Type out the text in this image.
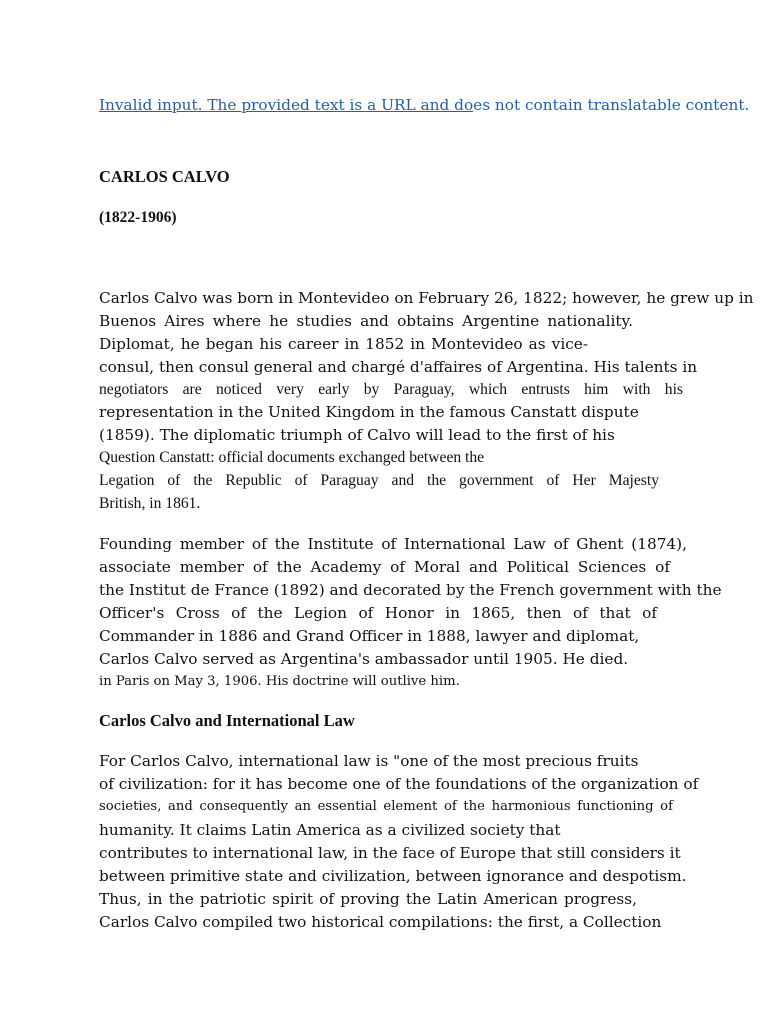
Invalid input. The provided text is a URL and does not contain translatable content.
CARLOS CALVO
(1822-1906)
Carlos Calvo was born in Montevideo on February 26, 1822; however, he grew up in
Buenos Aires where he studies and obtains Argentine nationality.
Diplomat, he began his career in 1852 in Montevideo as vice-
consul, then consul general and chargé d'affaires of Argentina. His talents in
negotiators are noticed very early by Paraguay, which entrusts him with his
representation in the United Kingdom in the famous Canstatt dispute
(1859). The diplomatic triumph of Calvo will lead to the first of his
Question Canstatt: official documents exchanged between the
Legation of the Republic of Paraguay and the government of Her Majesty
British, in 1861.
Founding member of the Institute of International Law of Ghent (1874),
associate member of the Academy of Moral and Political Sciences of
the Institut de France (1892) and decorated by the French government with the
Officer's Cross of the Legion of Honor in 1865, then of that of
Commander in 1886 and Grand Officer in 1888, lawyer and diplomat,
Carlos Calvo served as Argentina's ambassador until 1905. He died.
in Paris on May 3, 1906. His doctrine will outlive him.
Carlos Calvo and International Law
For Carlos Calvo, international law is "one of the most precious fruits
of civilization: for it has become one of the foundations of the organization of
societies, and consequently an essential element of the harmonious functioning of
humanity. It claims Latin America as a civilized society that
contributes to international law, in the face of Europe that still considers it
between primitive state and civilization, between ignorance and despotism.
Thus, in the patriotic spirit of proving the Latin American progress,
Carlos Calvo compiled two historical compilations: the first, a Collection
